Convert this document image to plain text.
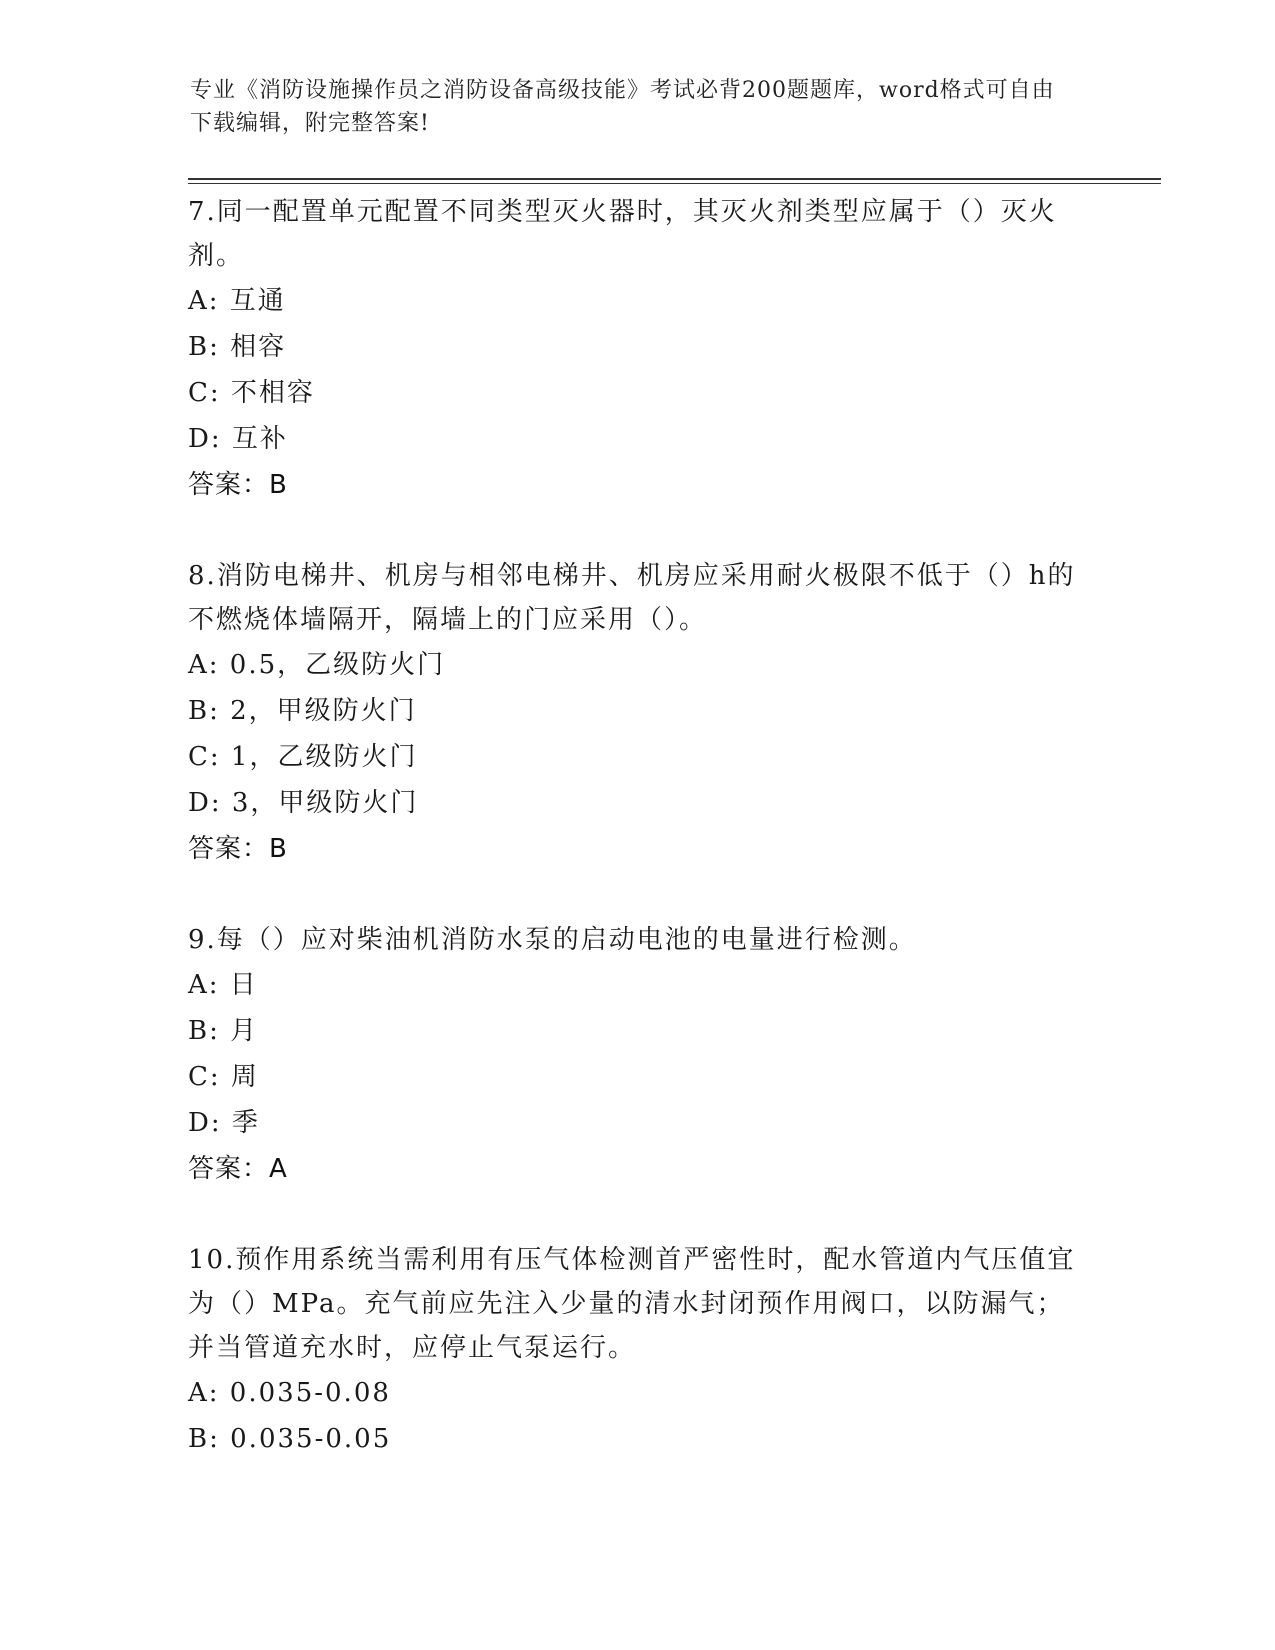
专业《消防设施操作员之消防设备高级技能》考试必背200题题库，word格式可自由下载编辑，附完整答案!
7.同一配置单元配置不同类型灭火器时，其灭火剂类型应属于（）灭火剂。
A: 互通
B: 相容
C: 不相容
D: 互补
答案：B
8.消防电梯井、机房与相邻电梯井、机房应采用耐火极限不低于（）h的不燃烧体墙隔开，隔墙上的门应采用（）。
A: 0.5，乙级防火门
B: 2，甲级防火门
C: 1，乙级防火门
D: 3，甲级防火门
答案：B
9.每（）应对柴油机消防水泵的启动电池的电量进行检测。
A: 日
B: 月
C: 周
D: 季
答案：A
10.预作用系统当需利用有压气体检测首严密性时，配水管道内气压值宜为（）MPa。充气前应先注入少量的清水封闭预作用阀口，以防漏气；并当管道充水时，应停止气泵运行。
A: 0.035-0.08
B: 0.035-0.05
